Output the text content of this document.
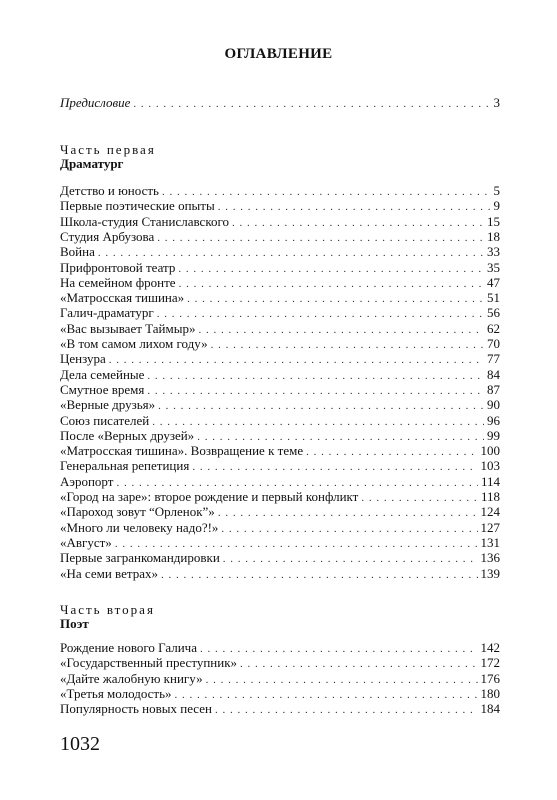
ОГЛАВЛЕНИЕ
Предисловие . . .	3
Часть первая
Драматург
Детство и юность . . .	5
Первые поэтические опыты . . .	9
Школа-студия Станиславского . . .	15
Студия Арбузова . . .	18
Война . . .	33
Прифронтовой театр . . .	35
На семейном фронте . . .	47
«Матросская тишина» . . .	51
Галич-драматург . . .	56
«Вас вызывает Таймыр» . . .	62
«В том самом лихом году» . . .	70
Цензура . . .	77
Дела семейные . . .	84
Смутное время . . .	87
«Верные друзья» . . .	90
Союз писателей . . .	96
После «Верных друзей» . . .	99
«Матросская тишина». Возвращение к теме . . .	100
Генеральная репетиция . . .	103
Аэропорт . . .	114
«Город на заре»: второе рождение и первый конфликт . . .	118
«Пароход зовут “Орленок”» . . .	124
«Много ли человеку надо?!» . . .	127
«Август» . . .	131
Первые загранкомандировки . . .	136
«На семи ветрах» . . .	139
Часть вторая
Поэт
Рождение нового Галича . . .	142
«Государственный преступник» . . .	172
«Дайте жалобную книгу» . . .	176
«Третья молодость» . . .	180
Популярность новых песен . . .	184
1032
